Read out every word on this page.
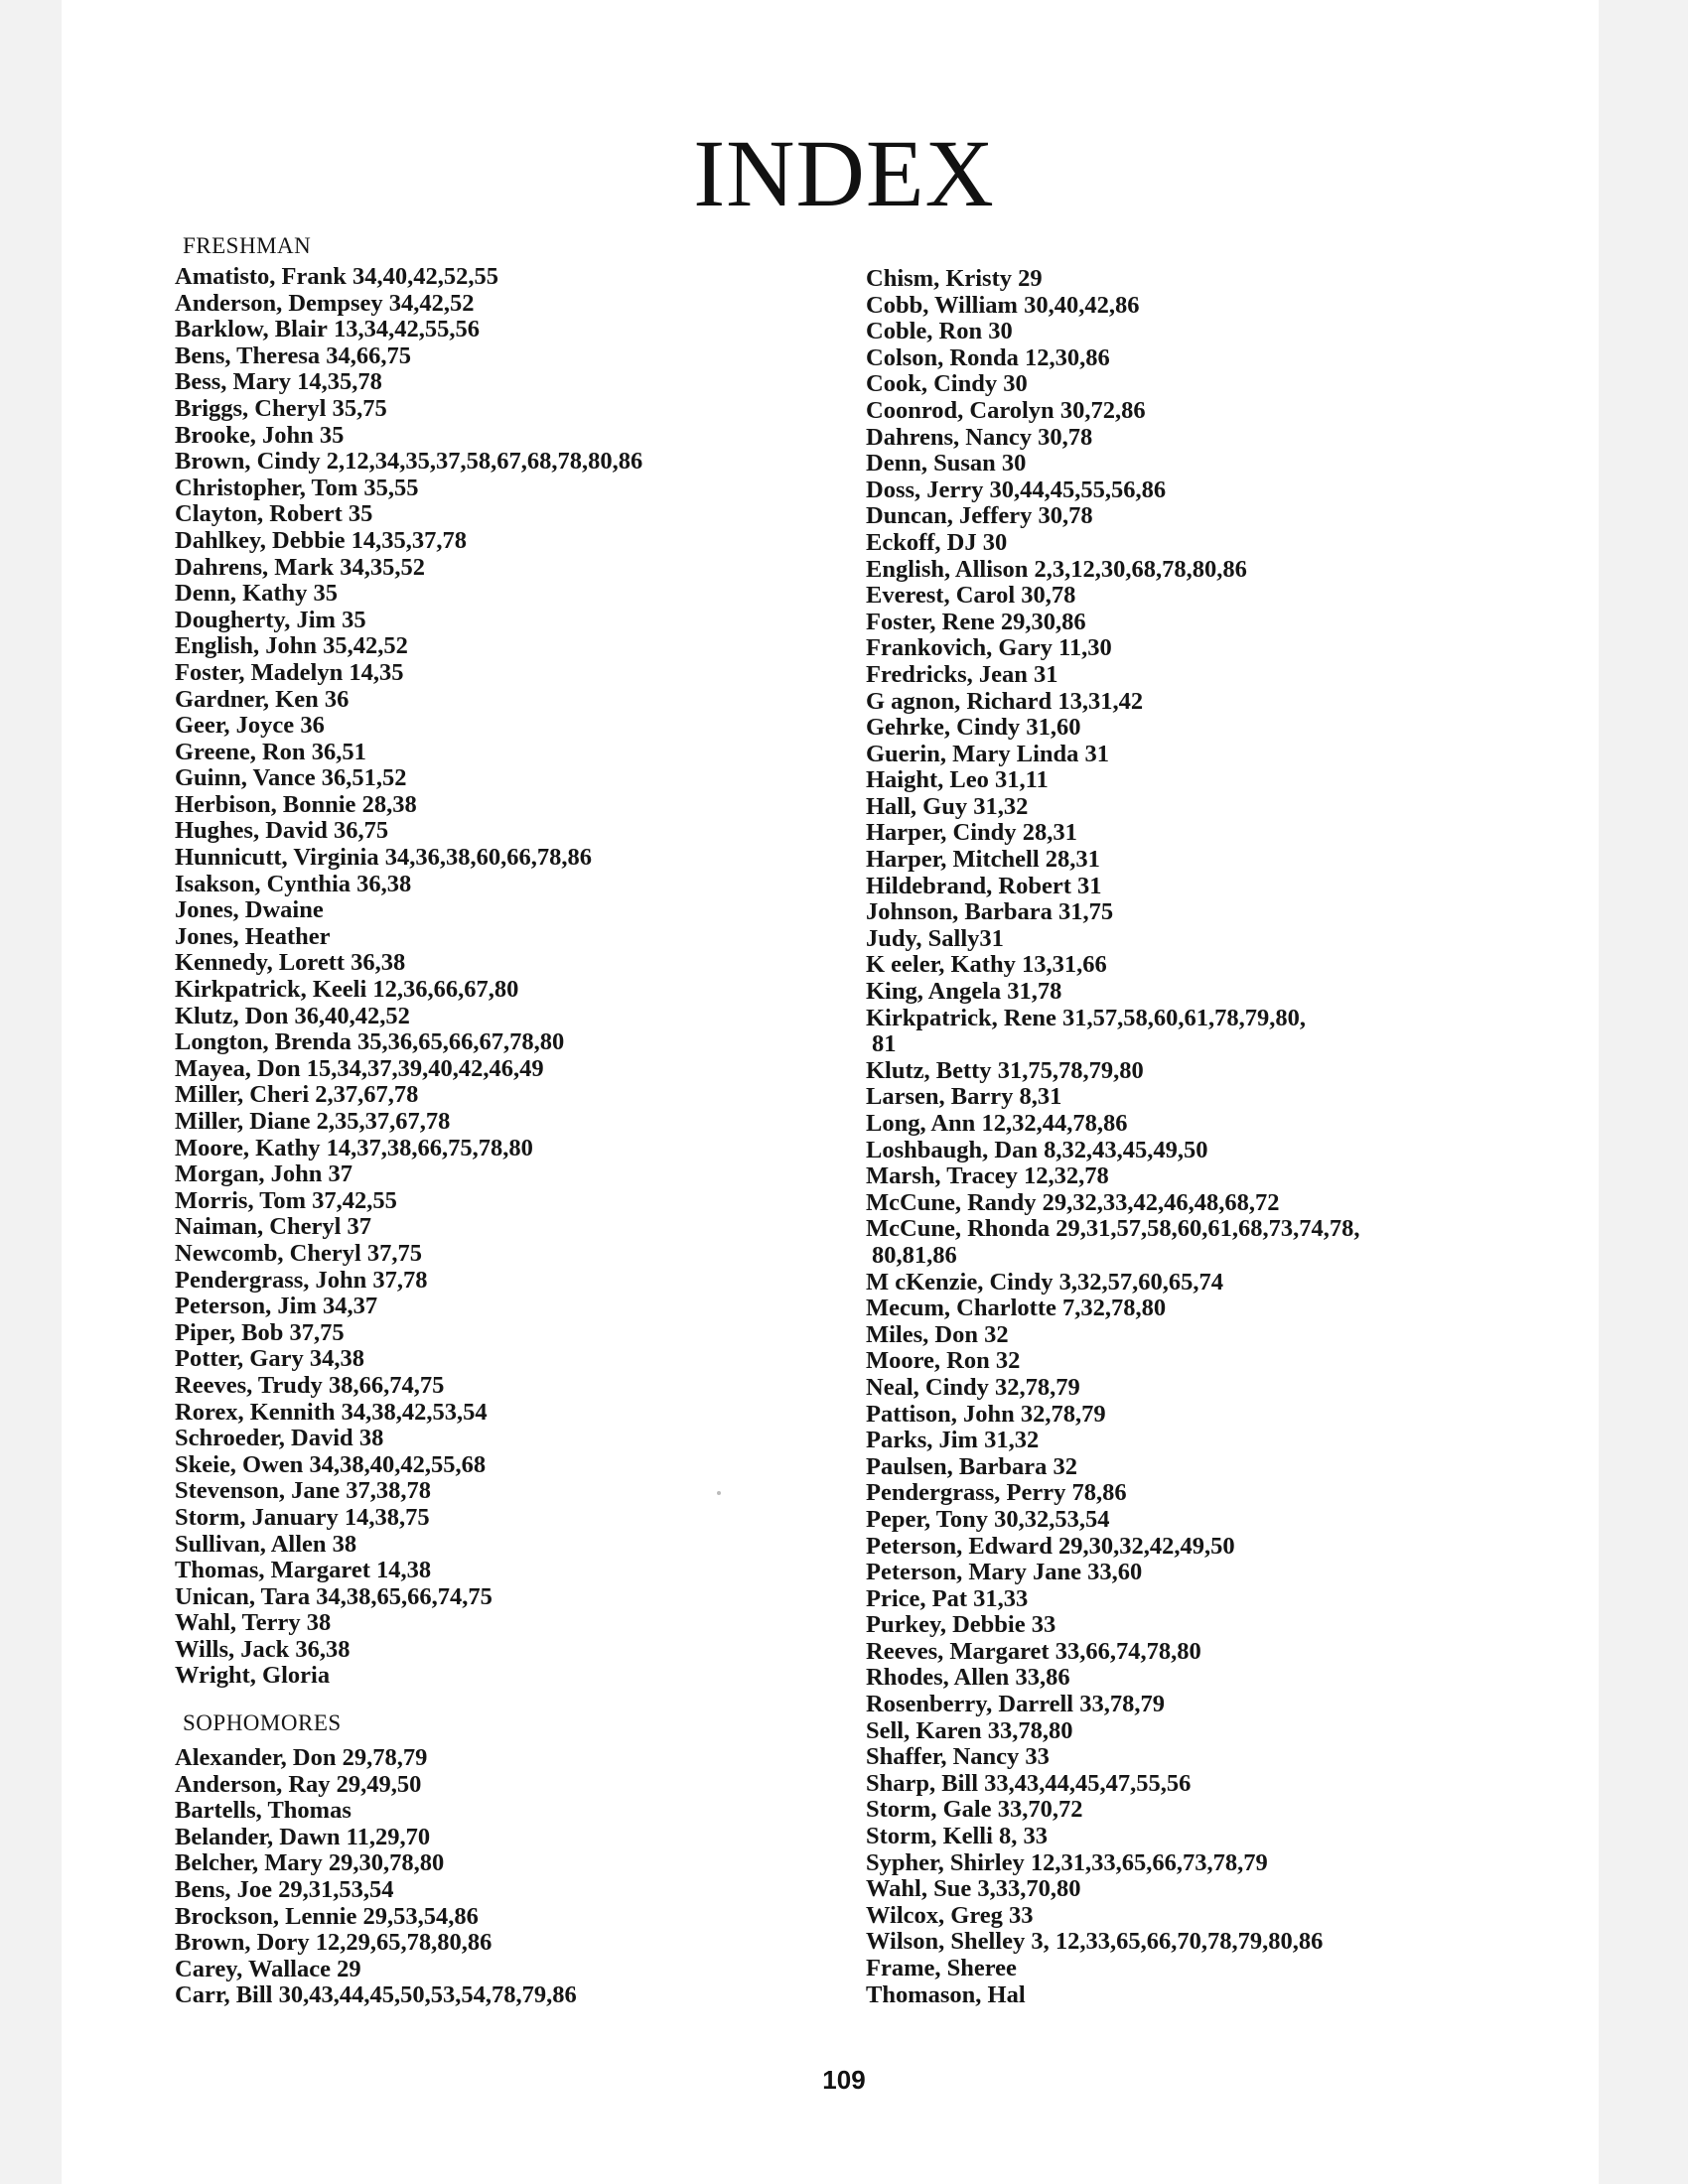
INDEX
FRESHMAN
Amatisto, Frank 34,40,42,52,55
Anderson, Dempsey 34,42,52
Barklow, Blair 13,34,42,55,56
Bens, Theresa 34,66,75
Bess, Mary 14,35,78
Briggs, Cheryl 35,75
Brooke, John 35
Brown, Cindy 2,12,34,35,37,58,67,68,78,80,86
Christopher, Tom 35,55
Clayton, Robert 35
Dahlkey, Debbie 14,35,37,78
Dahrens, Mark 34,35,52
Denn, Kathy 35
Dougherty, Jim 35
English, John 35,42,52
Foster, Madelyn 14,35
Gardner, Ken 36
Geer, Joyce 36
Greene, Ron 36,51
Guinn, Vance 36,51,52
Herbison, Bonnie 28,38
Hughes, David 36,75
Hunnicutt, Virginia 34,36,38,60,66,78,86
Isakson, Cynthia 36,38
Jones, Dwaine
Jones, Heather
Kennedy, Lorett 36,38
Kirkpatrick, Keeli 12,36,66,67,80
Klutz, Don 36,40,42,52
Longton, Brenda 35,36,65,66,67,78,80
Mayea, Don 15,34,37,39,40,42,46,49
Miller, Cheri 2,37,67,78
Miller, Diane 2,35,37,67,78
Moore, Kathy 14,37,38,66,75,78,80
Morgan, John 37
Morris, Tom 37,42,55
Naiman, Cheryl 37
Newcomb, Cheryl 37,75
Pendergrass, John 37,78
Peterson, Jim 34,37
Piper, Bob 37,75
Potter, Gary 34,38
Reeves, Trudy 38,66,74,75
Rorex, Kennith 34,38,42,53,54
Schroeder, David 38
Skeie, Owen 34,38,40,42,55,68
Stevenson, Jane 37,38,78
Storm, January 14,38,75
Sullivan, Allen 38
Thomas, Margaret 14,38
Unican, Tara 34,38,65,66,74,75
Wahl, Terry 38
Wills, Jack 36,38
Wright, Gloria
SOPHOMORES
Alexander, Don 29,78,79
Anderson, Ray 29,49,50
Bartells, Thomas
Belander, Dawn 11,29,70
Belcher, Mary 29,30,78,80
Bens, Joe 29,31,53,54
Brockson, Lennie 29,53,54,86
Brown, Dory 12,29,65,78,80,86
Carey, Wallace 29
Carr, Bill 30,43,44,45,50,53,54,78,79,86
Chism, Kristy 29
Cobb, William 30,40,42,86
Coble, Ron 30
Colson, Ronda 12,30,86
Cook, Cindy 30
Coonrod, Carolyn 30,72,86
Dahrens, Nancy 30,78
Denn, Susan 30
Doss, Jerry 30,44,45,55,56,86
Duncan, Jeffery 30,78
Eckoff, DJ 30
English, Allison 2,3,12,30,68,78,80,86
Everest, Carol 30,78
Foster, Rene 29,30,86
Frankovich, Gary 11,30
Fredricks, Jean 31
G agnon, Richard 13,31,42
Gehrke, Cindy 31,60
Guerin, Mary Linda 31
Haight, Leo 31,11
Hall, Guy 31,32
Harper, Cindy 28,31
Harper, Mitchell 28,31
Hildebrand, Robert 31
Johnson, Barbara 31,75
Judy, Sally31
K eeler, Kathy 13,31,66
King, Angela 31,78
Kirkpatrick, Rene 31,57,58,60,61,78,79,80,
81
Klutz, Betty 31,75,78,79,80
Larsen, Barry 8,31
Long, Ann 12,32,44,78,86
Loshbaugh, Dan 8,32,43,45,49,50
Marsh, Tracey 12,32,78
McCune, Randy 29,32,33,42,46,48,68,72
McCune, Rhonda 29,31,57,58,60,61,68,73,74,78,
80,81,86
M cKenzie, Cindy 3,32,57,60,65,74
Mecum, Charlotte 7,32,78,80
Miles, Don 32
Moore, Ron 32
Neal, Cindy 32,78,79
Pattison, John 32,78,79
Parks, Jim 31,32
Paulsen, Barbara 32
Pendergrass, Perry 78,86
Peper, Tony 30,32,53,54
Peterson, Edward 29,30,32,42,49,50
Peterson, Mary Jane 33,60
Price, Pat 31,33
Purkey, Debbie 33
Reeves, Margaret 33,66,74,78,80
Rhodes, Allen 33,86
Rosenberry, Darrell 33,78,79
Sell, Karen 33,78,80
Shaffer, Nancy 33
Sharp, Bill 33,43,44,45,47,55,56
Storm, Gale 33,70,72
Storm, Kelli 8, 33
Sypher, Shirley 12,31,33,65,66,73,78,79
Wahl, Sue 3,33,70,80
Wilcox, Greg 33
Wilson, Shelley 3, 12,33,65,66,70,78,79,80,86
Frame, Sheree
Thomason, Hal
109
